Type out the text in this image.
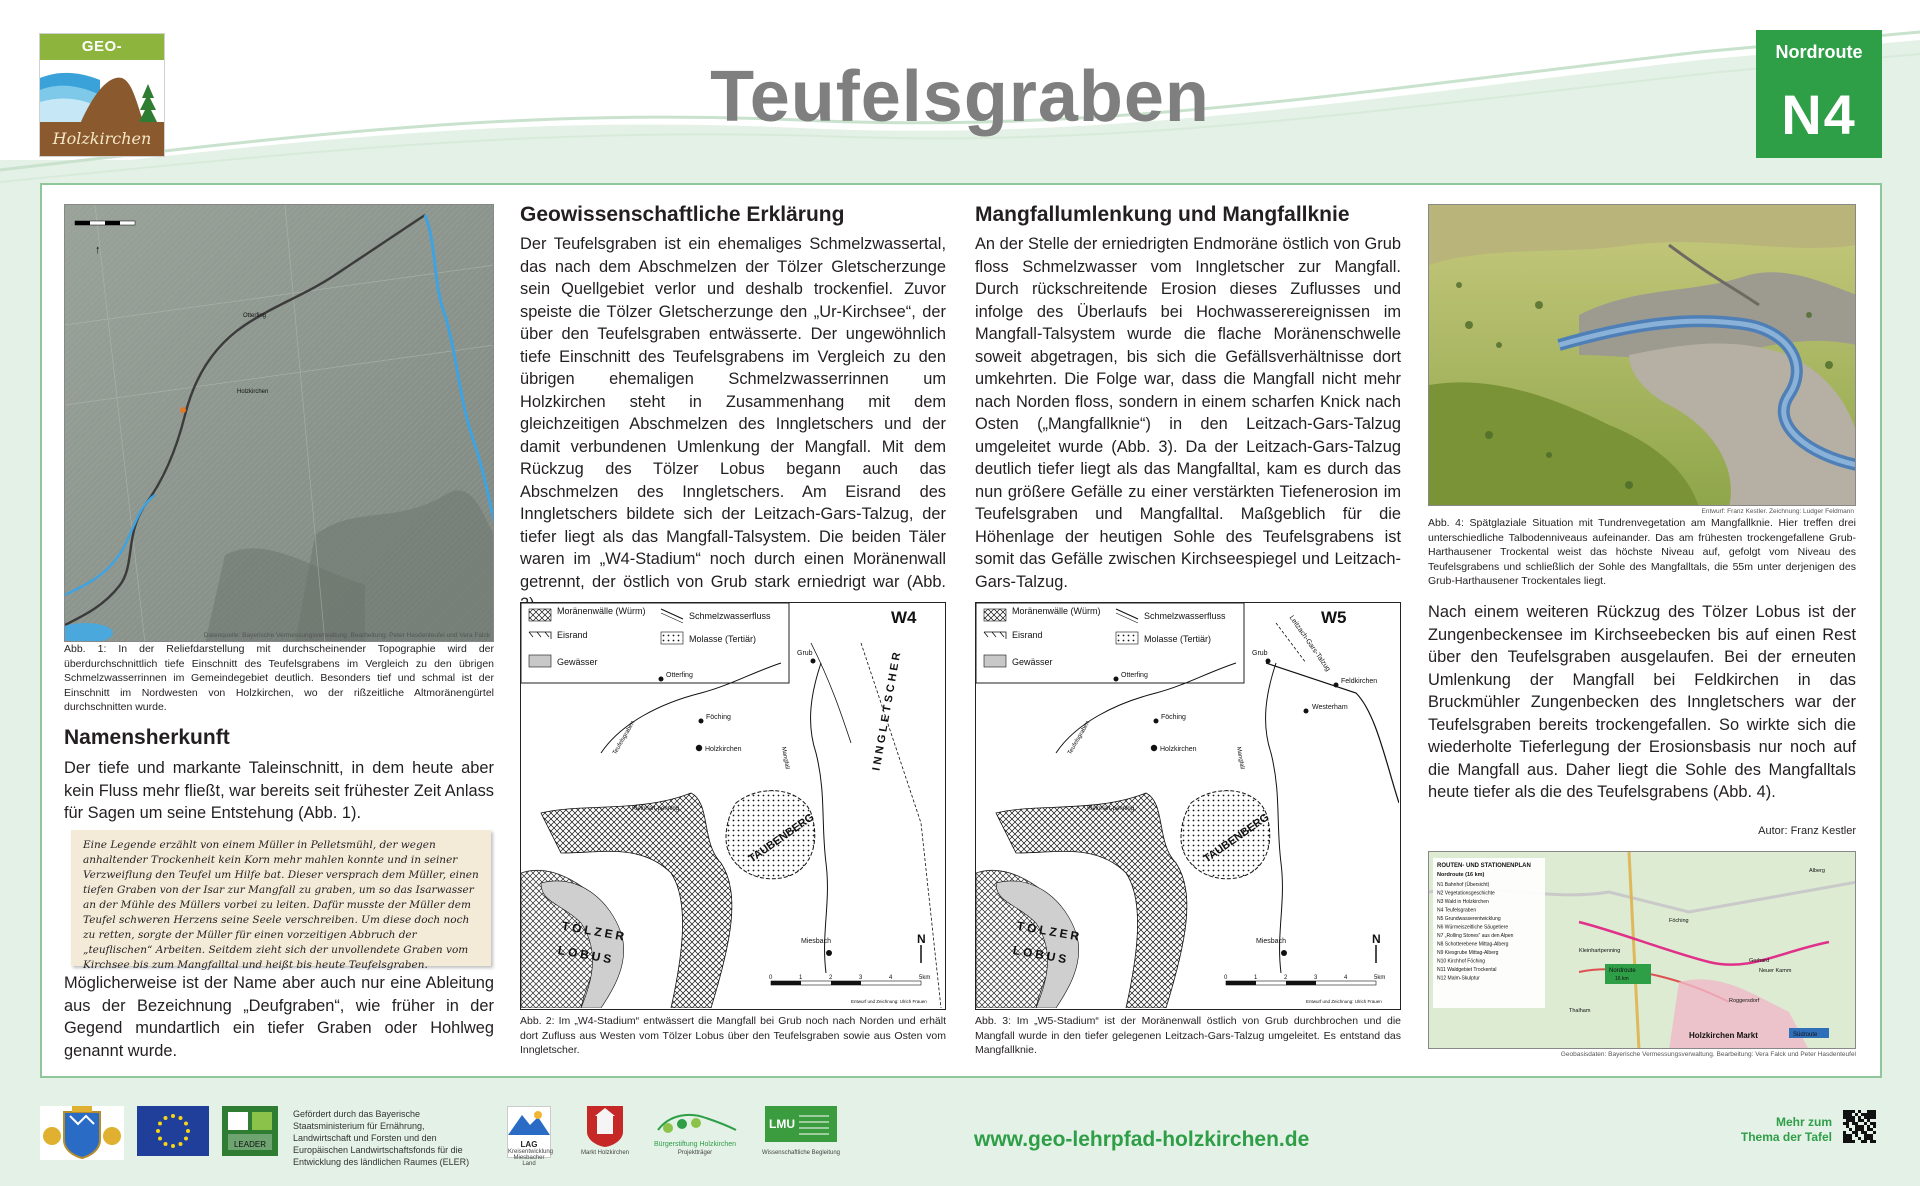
GEO-
Holzkirchen
Teufelsgraben
Nordroute
N4
↑
Otterfing
Holzkirchen
Datenquelle: Bayerische Vermessungsverwaltung. Bearbeitung: Peter Hasdenteufel und Vera Falck
Abb. 1: In der Reliefdarstellung mit durchscheinender Topographie wird der überdurchschnittlich tiefe Einschnitt des Teufelsgrabens im Vergleich zu den übrigen Schmelzwasserrinnen im Gemeindegebiet deutlich. Besonders tief und schmal ist der Einschnitt im Nordwesten von Holzkirchen, wo der rißzeitliche Altmoränengürtel durchschnitten wurde.
Namensherkunft
Der tiefe und markante Taleinschnitt, in dem heute aber kein Fluss mehr fließt, war bereits seit frühester Zeit Anlass für Sagen um seine Entstehung (Abb. 1).
Eine Legende erzählt von einem Müller in Pelletsmühl, der wegen anhaltender Trockenheit kein Korn mehr mahlen konnte und in seiner Verzweiflung den Teufel um Hilfe bat. Dieser versprach dem Müller, einen tiefen Graben von der Isar zur Mangfall zu graben, um so das Isarwasser an der Mühle des Müllers vorbei zu leiten. Dafür musste der Müller dem Teufel schweren Herzens seine Seele verschreiben. Um diese doch noch zu retten, sorgte der Müller für einen vorzeitigen Abbruch der „teuflischen“ Arbeiten. Seitdem zieht sich der unvollendete Graben vom Kirchsee bis zum Mangfalltal und heißt bis heute Teufelsgraben.
Möglicherweise ist der Name aber auch nur eine Ableitung aus der Bezeichnung „Deufgraben“, wie früher in der Gegend mundartlich ein tiefer Graben oder Hohlweg genannt wurde.
Geowissenschaftliche Erklärung
Der Teufelsgraben ist ein ehemaliges Schmelzwassertal, das nach dem Abschmelzen der Tölzer Gletscherzunge sein Quellgebiet verlor und deshalb trockenfiel. Zuvor speiste die Tölzer Gletscherzunge den „Ur-Kirchsee“, der über den Teufelsgraben entwässerte. Der ungewöhnlich tiefe Einschnitt des Teufelsgrabens im Vergleich zu den übrigen ehemaligen Schmelzwasserrinnen um Holzkirchen steht in Zusammenhang mit dem gleichzeitigen Abschmelzen des Inngletschers und der damit verbundenen Umlenkung der Mangfall. Mit dem Rückzug des Tölzer Lobus begann auch das Abschmelzen des Inngletschers. Am Eisrand des Inngletschers bildete sich der Leitzach-Gars-Talzug, der tiefer liegt als das Mangfall-Talsystem. Die beiden Täler waren im „W4-Stadium“ noch durch einen Moränenwall getrennt, der östlich von Grub stark erniedrigt war (Abb.
Mangfallumlenkung und Mangfallknie
An der Stelle der erniedrigten Endmoräne östlich von Grub floss Schmelzwasser vom Inngletscher zur Mangfall. Durch rückschreitende Erosion dieses Zuflusses und infolge des Überlaufs bei Hochwasserereignissen im Mangfall-Talsystem wurde die flache Moränenschwelle soweit abgetragen, bis sich die Gefällsverhältnisse dort umkehrten. Die Folge war, dass die Mangfall nicht mehr nach Norden floss, sondern in einem scharfen Knick nach Osten („Mangfallknie“) in den Leitzach-Gars-Talzug umgeleitet wurde (Abb. 3). Da der Leitzach-Gars-Talzug deutlich tiefer liegt als das Mangfalltal, kam es durch das nun größere Gefälle zu einer verstärkten Tiefenerosion im Teufelsgraben und Mangfalltal. Maßgeblich für die Höhenlage der heutigen Sohle des Teufelsgrabens ist somit das Gefälle zwischen Kirchseespiegel und Leitzach-Gars-Talzug.
Moränenwälle (Würm)
Eisrand
Gewässer
Schmelzwasserfluss
Molasse (Tertiär)
W4
TAUBENBERG
Otterfing
Föching
Holzkirchen
Grub
Miesbach
Teufelsgraben
Mangfall
Kleinhart-penning
INNGLETSCHER
TÖLZER
LOBUS
N
0	1	2	3	4	5km
Entwurf und Zeichnung: Ulrich Frauen
Abb. 2: Im „W4-Stadium“ entwässert die Mangfall bei Grub noch nach Norden und erhält dort Zufluss aus Westen vom Tölzer Lobus über den Teufelsgraben sowie aus Osten vom Inngletscher.
Moränenwälle (Würm)
Eisrand
Gewässer
Schmelzwasserfluss
Molasse (Tertiär)
W5
TAUBENBERG
Otterfing
Föching
Holzkirchen
Grub
Feldkirchen
Westerham
Miesbach
Leitzach-Gars-Talzug
Teufelsgraben
Mangfall
Kleinhart-penning
TÖLZER
LOBUS
N
0	1	2	3	4	5km
Entwurf und Zeichnung: Ulrich Frauen
Abb. 3: Im „W5-Stadium“ ist der Moränenwall östlich von Grub durchbrochen und die Mangfall wurde in den tiefer gelegenen Leitzach-Gars-Talzug umgeleitet. Es entstand das Mangfallknie.
Entwurf: Franz Kestler. Zeichnung: Ludger Feldmann
Abb. 4: Spätglaziale Situation mit Tundrenvegetation am Mangfallknie. Hier treffen drei unterschiedliche Talbodenniveaus aufeinander. Das am frühesten trockengefallene Grub-Harthausener Trockental weist das höchste Niveau auf, gefolgt vom Niveau des Teufelsgrabens und schließlich der Sohle des Mangfalltals, die 55m unter derjenigen des Grub-Harthausener Trockentales liegt.
Nach einem weiteren Rückzug des Tölzer Lobus ist der Zungenbeckensee im Kirchseebecken bis auf einen Rest über den Teufelsgraben ausgelaufen. Bei der erneuten Umlenkung der Mangfall bei Feldkirchen in das Bruckmühler Zungenbecken des Inngletschers war der Teufelsgraben bereits trockengefallen. So wirkte sich die wiederholte Tieferlegung der Erosionsbasis nur noch auf die Mangfall aus. Daher liegt die Sohle des Mangfalltals heute tiefer als die des Teufelsgrabens (Abb. 4).
Autor: Franz Kestler
ROUTEN- UND STATIONENPLAN
Nordroute (16 km)
N1 Bahnhof (Übersicht)
N2 Vegetationsgeschichte
N3 Wald in Holzkirchen
N4 Teufelsgraben
N5 Grundwasserentwicklung
N6 Würmeiszeitliche Säugetiere
N7 „Rolling Stones“ aus den Alpen
N8 Schotterebene Mittag-Alberg
N9 Kiesgrube Mittag-Alberg
N10 Kirchhof Föching
N11 Waldgebiet Trockental
N12 Malm-Skulptur
Nordroute
16 km
Südroute
Holzkirchen Markt
Thalham
Föching
Alberg
Gerhard
Roggersdorf
Neuer Kamm
Kleinhartpenning
Geobasisdaten: Bayerische Vermessungsverwaltung. Bearbeitung: Vera Falck und Peter Hasdenteufel
LEADER
Gefördert durch das Bayerische Staatsministerium für Ernährung, Landwirtschaft und Forsten und den Europäischen Landwirtschaftsfonds für die Entwicklung des ländlichen Raumes (ELER)
LAG
Kreisentwicklung Miesbacher Land
Markt Holzkirchen
Bürgerstiftung Holzkirchen
Projektträger
LMU
Wissenschaftliche Begleitung
www.geo-lehrpfad-holzkirchen.de
Mehr zum
Thema der Tafel
